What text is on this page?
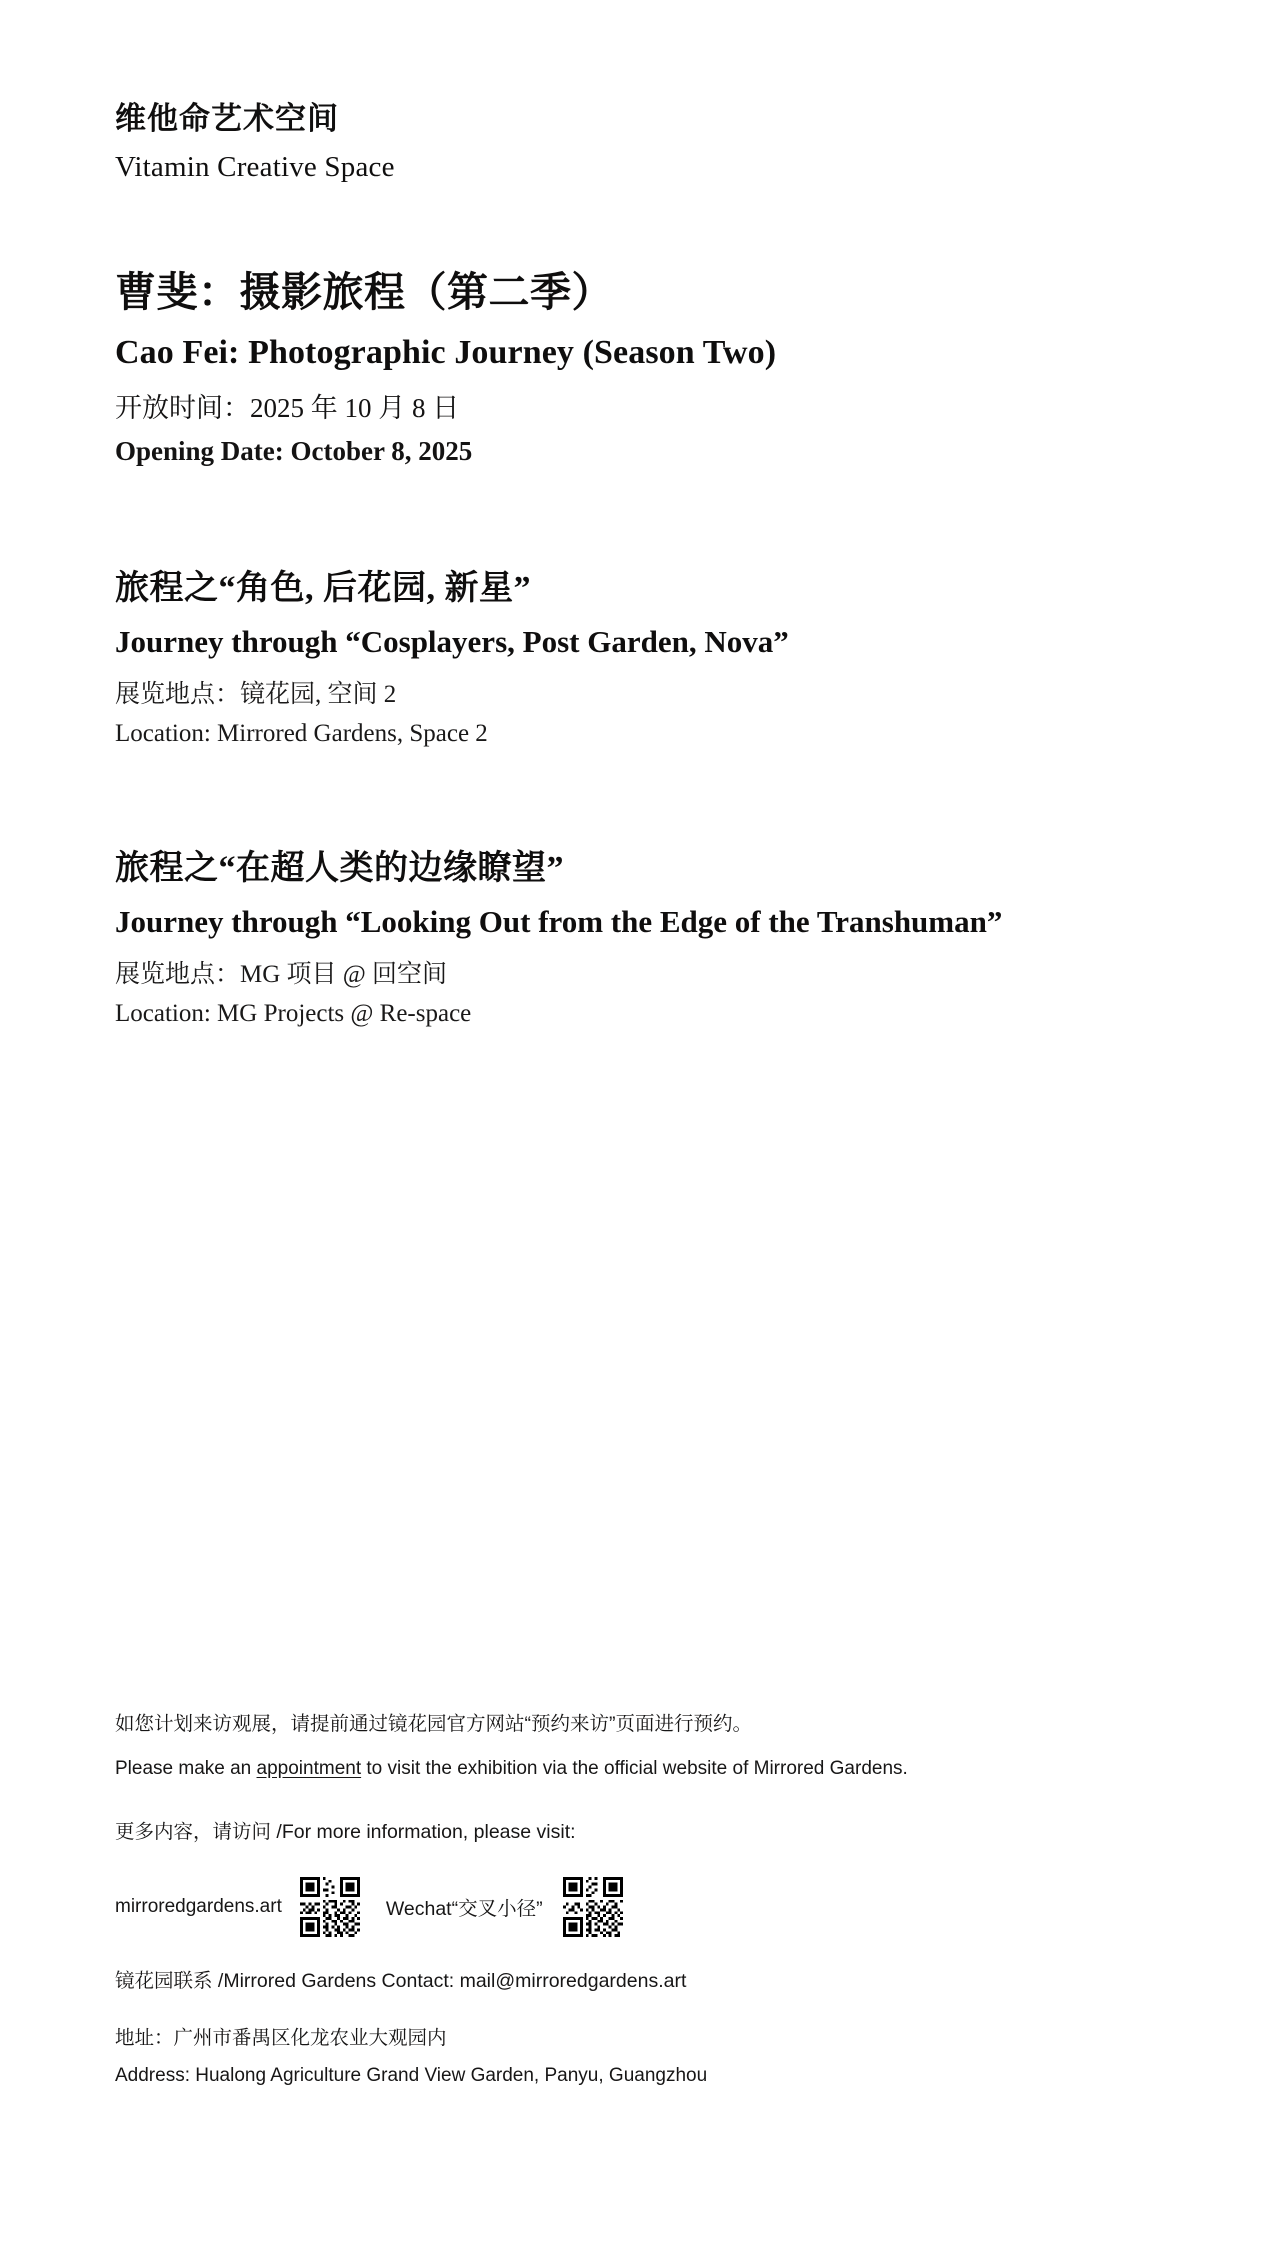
维他命艺术空间
Vitamin Creative Space
曹斐：摄影旅程（第二季）
Cao Fei: Photographic Journey (Season Two)
开放时间：2025 年 10 月 8 日
Opening Date: October 8, 2025
旅程之“角色, 后花园, 新星”
Journey through “Cosplayers, Post Garden, Nova”
展览地点：镜花园, 空间 2
Location: Mirrored Gardens, Space 2
旅程之“在超人类的边缘瞭望”
Journey through “Looking Out from the Edge of the Transhuman”
展览地点：MG 项目 @ 回空间
Location: MG Projects @ Re-space
如您计划来访观展，请提前通过镜花园官方网站“预约来访”页面进行预约。
Please make an appointment to visit the exhibition via the official website of Mirrored Gardens.
更多内容，请访问 /For more information, please visit:
mirroredgardens.art	Wechat“交叉小径”
镜花园联系 /Mirrored Gardens Contact: mail@mirroredgardens.art
地址：广州市番禺区化龙农业大观园内
Address: Hualong Agriculture Grand View Garden, Panyu, Guangzhou
